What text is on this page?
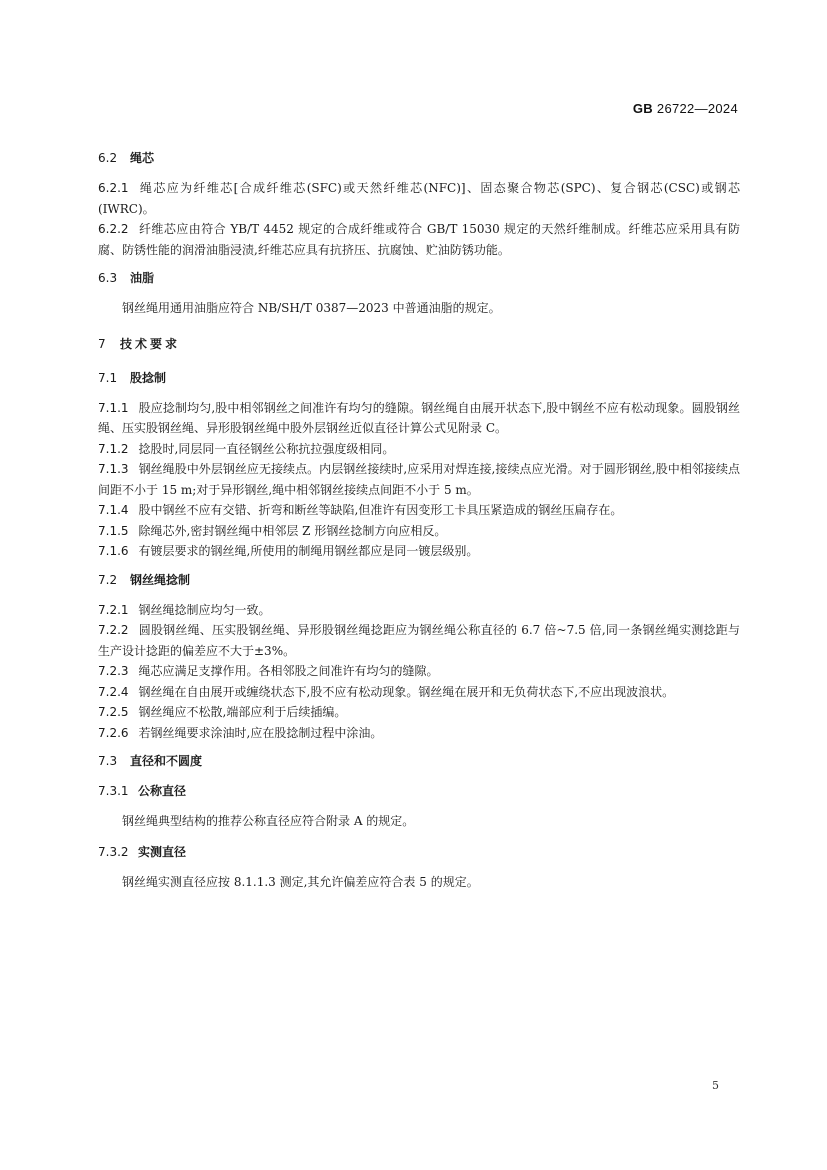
GB 26722—2024
6.2 绳芯
6.2.1 绳芯应为纤维芯[合成纤维芯(SFC)或天然纤维芯(NFC)]、固态聚合物芯(SPC)、复合钢芯(CSC)或钢芯(IWRC)。
6.2.2 纤维芯应由符合 YB/T 4452 规定的合成纤维或符合 GB/T 15030 规定的天然纤维制成。纤维芯应采用具有防腐、防锈性能的润滑油脂浸渍,纤维芯应具有抗挤压、抗腐蚀、贮油防锈功能。
6.3 油脂
钢丝绳用通用油脂应符合 NB/SH/T 0387—2023 中普通油脂的规定。
7 技术要求
7.1 股捻制
7.1.1 股应捻制均匀,股中相邻钢丝之间准许有均匀的缝隙。钢丝绳自由展开状态下,股中钢丝不应有松动现象。圆股钢丝绳、压实股钢丝绳、异形股钢丝绳中股外层钢丝近似直径计算公式见附录 C。
7.1.2 捻股时,同层同一直径钢丝公称抗拉强度级相同。
7.1.3 钢丝绳股中外层钢丝应无接续点。内层钢丝接续时,应采用对焊连接,接续点应光滑。对于圆形钢丝,股中相邻接续点间距不小于 15 m;对于异形钢丝,绳中相邻钢丝接续点间距不小于 5 m。
7.1.4 股中钢丝不应有交错、折弯和断丝等缺陷,但准许有因变形工卡具压紧造成的钢丝压扁存在。
7.1.5 除绳芯外,密封钢丝绳中相邻层 Z 形钢丝捻制方向应相反。
7.1.6 有镀层要求的钢丝绳,所使用的制绳用钢丝都应是同一镀层级别。
7.2 钢丝绳捻制
7.2.1 钢丝绳捻制应均匀一致。
7.2.2 圆股钢丝绳、压实股钢丝绳、异形股钢丝绳捻距应为钢丝绳公称直径的 6.7 倍~7.5 倍,同一条钢丝绳实测捻距与生产设计捻距的偏差应不大于±3%。
7.2.3 绳芯应满足支撑作用。各相邻股之间准许有均匀的缝隙。
7.2.4 钢丝绳在自由展开或缠绕状态下,股不应有松动现象。钢丝绳在展开和无负荷状态下,不应出现波浪状。
7.2.5 钢丝绳应不松散,端部应利于后续插编。
7.2.6 若钢丝绳要求涂油时,应在股捻制过程中涂油。
7.3 直径和不圆度
7.3.1 公称直径
钢丝绳典型结构的推荐公称直径应符合附录 A 的规定。
7.3.2 实测直径
钢丝绳实测直径应按 8.1.1.3 测定,其允许偏差应符合表 5 的规定。
5
